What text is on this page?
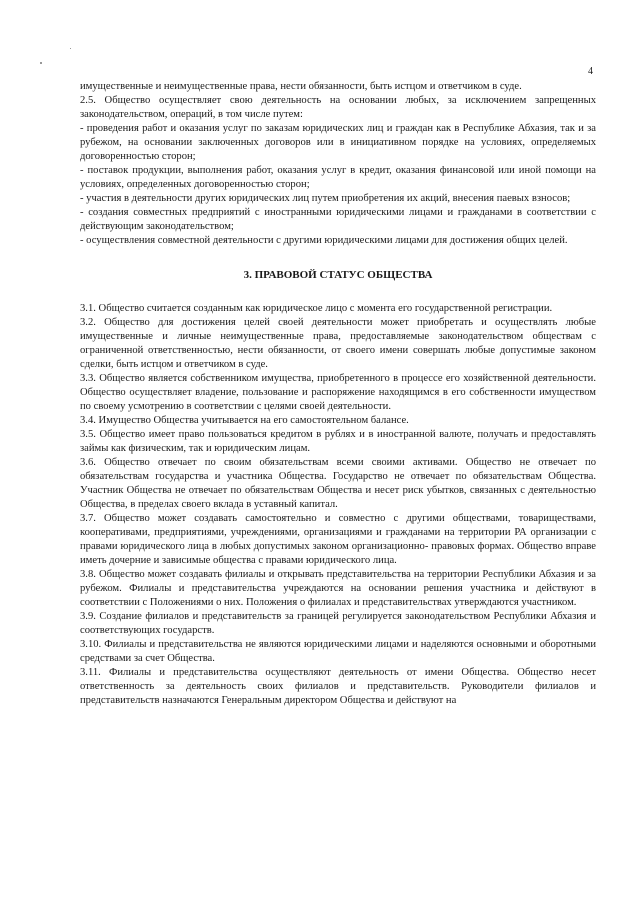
4

имущественные и неимущественные права, нести обязанности, быть истцом и ответчиком в суде.

2.5. Общество осуществляет свою деятельность на основании любых, за исключением запрещенных законодательством, операций, в том числе путем:

- проведения работ и оказания услуг по заказам юридических лиц и граждан как в Республике Абхазия, так и за рубежом, на основании заключенных договоров или в инициативном порядке на условиях, определяемых договоренностью сторон;

- поставок продукции, выполнения работ, оказания услуг в кредит, оказания финансовой или иной помощи на условиях, определенных договоренностью сторон;

- участия в деятельности других юридических лиц путем приобретения их акций, внесения паевых взносов;

- создания совместных предприятий с иностранными юридическими лицами и гражданами в соответствии с действующим законодательством;

- осуществления совместной деятельности с другими юридическими лицами для достижения общих целей.

3. ПРАВОВОЙ СТАТУС ОБЩЕСТВА

3.1. Общество считается созданным как юридическое лицо с момента его государственной регистрации.

3.2. Общество для достижения целей своей деятельности может приобретать и осуществлять любые имущественные и личные неимущественные права, предоставляемые законодательством обществам с ограниченной ответственностью, нести обязанности, от своего имени совершать любые допустимые законом сделки, быть истцом и ответчиком в суде.

3.3. Общество является собственником имущества, приобретенного в процессе его хозяйственной деятельности. Общество осуществляет владение, пользование и распоряжение находящимся в его собственности имуществом по своему усмотрению в соответствии с целями своей деятельности.

3.4. Имущество Общества учитывается на его самостоятельном балансе.

3.5. Общество имеет право пользоваться кредитом в рублях и в иностранной валюте, получать и предоставлять займы как физическим, так и юридическим лицам.

3.6. Общество отвечает по своим обязательствам всеми своими активами. Общество не отвечает по обязательствам государства и участника Общества. Государство не отвечает по обязательствам Общества. Участник Общества не отвечает по обязательствам Общества и несет риск убытков, связанных с деятельностью Общества, в пределах своего вклада в уставный капитал.

3.7. Общество может создавать самостоятельно и совместно с другими обществами, товариществами, кооперативами, предприятиями, учреждениями, организациями и гражданами на территории РА организации с правами юридического лица в любых допустимых законом организационно- правовых формах. Общество вправе иметь дочерние и зависимые общества с правами юридического лица.

3.8. Общество может создавать филиалы и открывать представительства на территории Республики Абхазия и за рубежом. Филиалы и представительства учреждаются на основании решения участника и действуют в соответствии с Положениями о них. Положения о филиалах и представительствах утверждаются участником.

3.9. Создание филиалов и представительств за границей регулируется законодательством Республики Абхазия и соответствующих государств.

3.10. Филиалы и представительства не являются юридическими лицами и наделяются основными и оборотными средствами за счет Общества.

3.11. Филиалы и представительства осуществляют деятельность от имени Общества. Общество несет ответственность за деятельность своих филиалов и представительств. Руководители филиалов и представительств назначаются Генеральным директором Общества и действуют на
